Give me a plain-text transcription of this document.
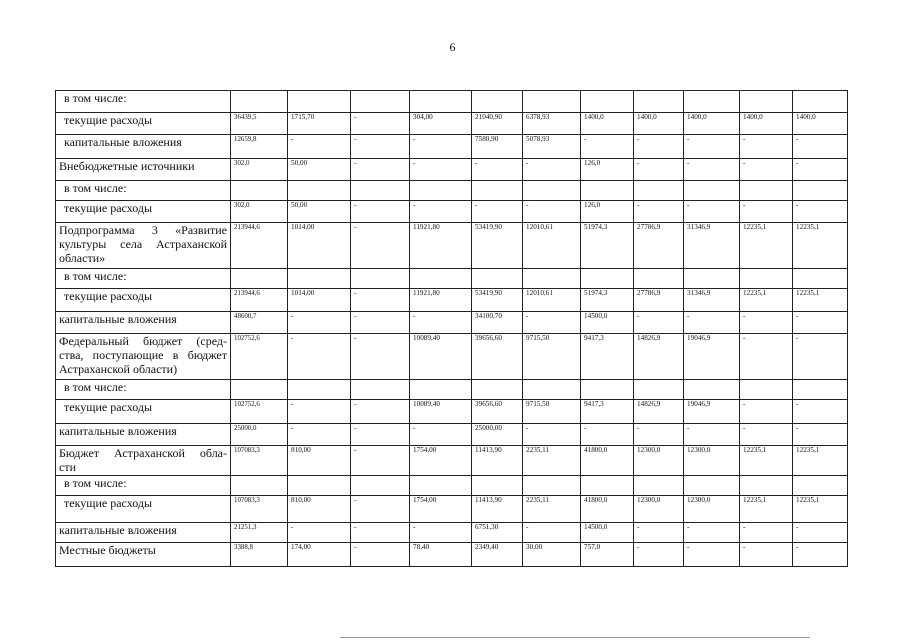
6
в том числе:											
текущие расходы	36439,5	1715,70	-	304,00	21040,90	6378,93	1400,0	1400,0	1400,0	1400,0	1400,0
капитальные вложения	12659,8	-	-	-	7580,90	5078,93	-	-	-	-	-
Внебюджетные источники	302,0	50,00	-	-	-	-	126,0	-	-	-	-
в том числе:											
текущие расходы	302,0	50,00	-	-	-	-	126,0	-	-	-	-

Подпрограмма 3 «Развитие
культуры села Астраханской
области»	213944,6	1014,00	-	11921,80	53419,90	12010,61	51974,3	27786,9	31346,9	12235,1	12235,1
в том числе:											
текущие расходы	213944,6	1014,00	-	11921,80	53419,90	12010,61	51974,3	27786,9	31346,9	12235,1	12235,1
капитальные вложения	48600,7	-	-	-	34100,70	-	14500,0	-	-	-	-

Федеральный бюджет (сред-
ства, поступающие в бюджет
Астраханской области)	102752,6	-	-	10089,40	39656,60	9715,50	9417,3	14826,9	19046,9	-	-
в том числе:											
текущие расходы	102752,6	-	-	10089,40	39656,60	9715,50	9417,3	14826,9	19046,9	-	-
капитальные вложения	25000,0	-	-	-	25000,00	-	-	-	-	-	-

Бюджет Астраханской обла-
сти	107083,3	810,00	-	1754,00	11413,90	2235,11	41800,0	12300,0	12300,0	12235,1	12235,1
в том числе:											
текущие расходы	107083,3	810,00	-	1754,00	11413,90	2235,11	41800,0	12300,0	12300,0	12235,1	12235,1
капитальные вложения	21251,3	-	-	-	6751,30	-	14500,0	-	-	-	-
Местные бюджеты	3388,8	174,00	-	78,40	2349,40	30,00	757,0	-	-	-	-
